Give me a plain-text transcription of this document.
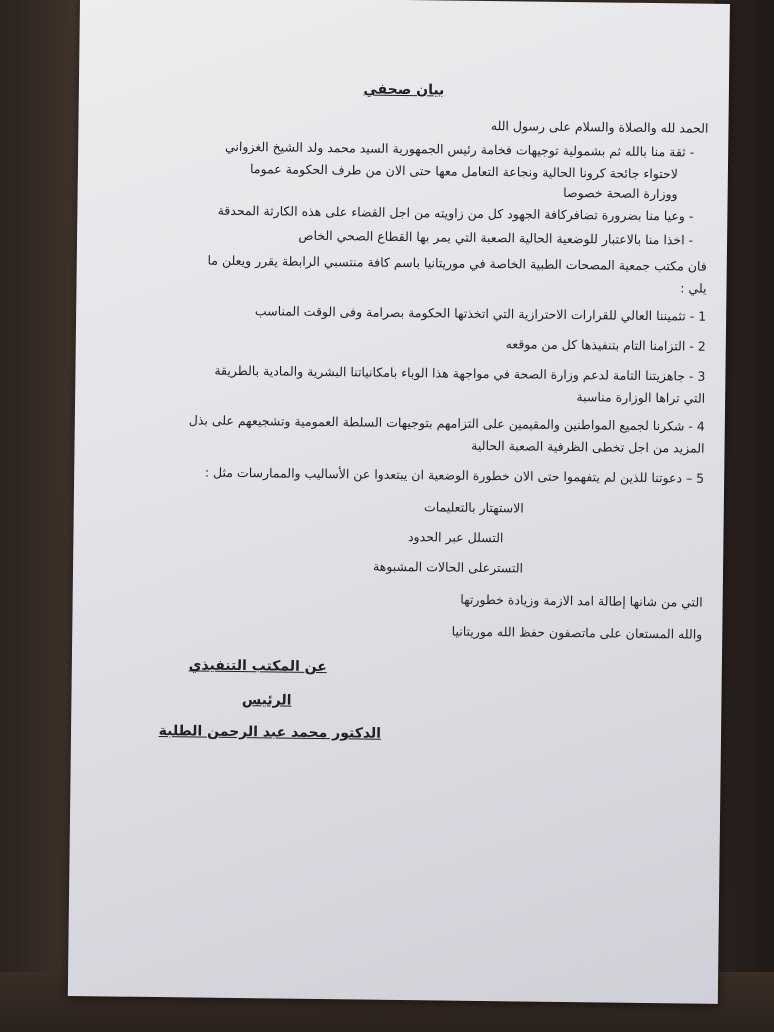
بيان صحفي
الحمد لله والصلاة والسلام على رسول الله
- ثقة منا بالله ثم بشمولية توجيهات فخامة رئيس الجمهورية السيد محمد ولد الشيخ الغزواني
لاحتواء جائحة كرونا الحالية ونجاعة التعامل معها حتى الان من طرف الحكومة عموما
ووزارة الصحة خصوصا
- وعيا منا بضرورة تضافركافة الجهود كل من زاويته من اجل القضاء على هذه الكارثة المحدقة
- اخذا منا بالاعتبار للوضعية الحالية الصعبة التي يمر بها القطاع الصحي الخاص
فان مكتب جمعية المصحات الطبية الخاصة في موريتانيا باسم كافة منتسبي الرابطة يقرر ويعلن ما
يلي :
1 - تثميننا العالي للقرارات الاحترازية التي اتخذتها الحكومة بصرامة وفى الوقت المناسب
2 - التزامنا التام بتنفيذها كل من موقعه
3 - جاهزيتنا التامة لدعم وزارة الصحة في مواجهة هذا الوباء بامكانياتنا البشرية والمادية بالطريقة
التي تراها الوزارة مناسبة
4 - شكرنا لجميع المواطنين والمقيمين على التزامهم بتوجيهات السلطة العمومية وتشجيعهم على بذل
المزيد من اجل تخطى الظرفية الصعبة الحالية
5 – دعوتنا للذين لم يتفهموا حتى الان خطورة الوضعية ان يبتعدوا عن الأساليب والممارسات مثل :
الاستهتار بالتعليمات
التسلل عبر الحدود
التسترعلى الحالات المشبوهة
التي من شانها إطالة امد الازمة وزيادة خطورتها
والله المستعان على ماتصفون حفظ الله موريتانيا
عن المكتب التنفيذي
الرئيس
الدكتور محمد عبد الرحمن الطلبة
